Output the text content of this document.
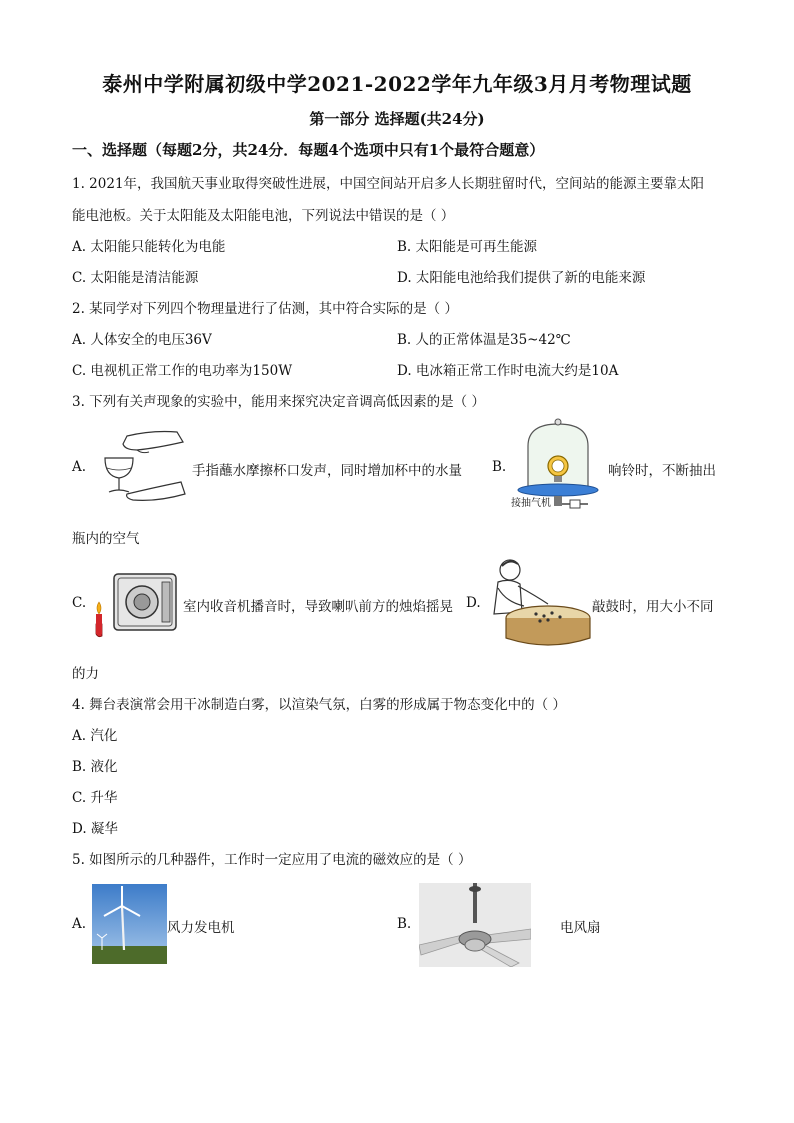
泰州中学附属初级中学2021-2022学年九年级3月月考物理试题
第一部分 选择题(共24分)
一、选择题（每题2分，共24分．每题4个选项中只有1个最符合题意）
1. 2021年，我国航天事业取得突破性进展，中国空间站开启多人长期驻留时代，空间站的能源主要靠太阳
能电池板。关于太阳能及太阳能电池，下列说法中错误的是（ ）
A. 太阳能只能转化为电能	B. 太阳能是可再生能源
C. 太阳能是清洁能源	D. 太阳能电池给我们提供了新的电能来源
2. 某同学对下列四个物理量进行了估测，其中符合实际的是（ ）
A. 人体安全的电压36V	B. 人的正常体温是35~42℃
C. 电视机正常工作的电功率为150W	D. 电冰箱正常工作时电流大约是10A
3. 下列有关声现象的实验中，能用来探究决定音调高低因素的是（ ）
A.	手指蘸水摩擦杯口发声，同时增加杯中的水量 B.
接抽气机
响铃时，不断抽出
瓶内的空气
C.	室内收音机播音时，导致喇叭前方的烛焰摇晃 D.	敲鼓时，用大小不同
的力
4. 舞台表演常会用干冰制造白雾，以渲染气氛，白雾的形成属于物态变化中的（ ）
A. 汽化
B. 液化
C. 升华
D. 凝华
5. 如图所示的几种器件，工作时一定应用了电流的磁效应的是（ ）
A.	风力发电机	B.	电风扇
